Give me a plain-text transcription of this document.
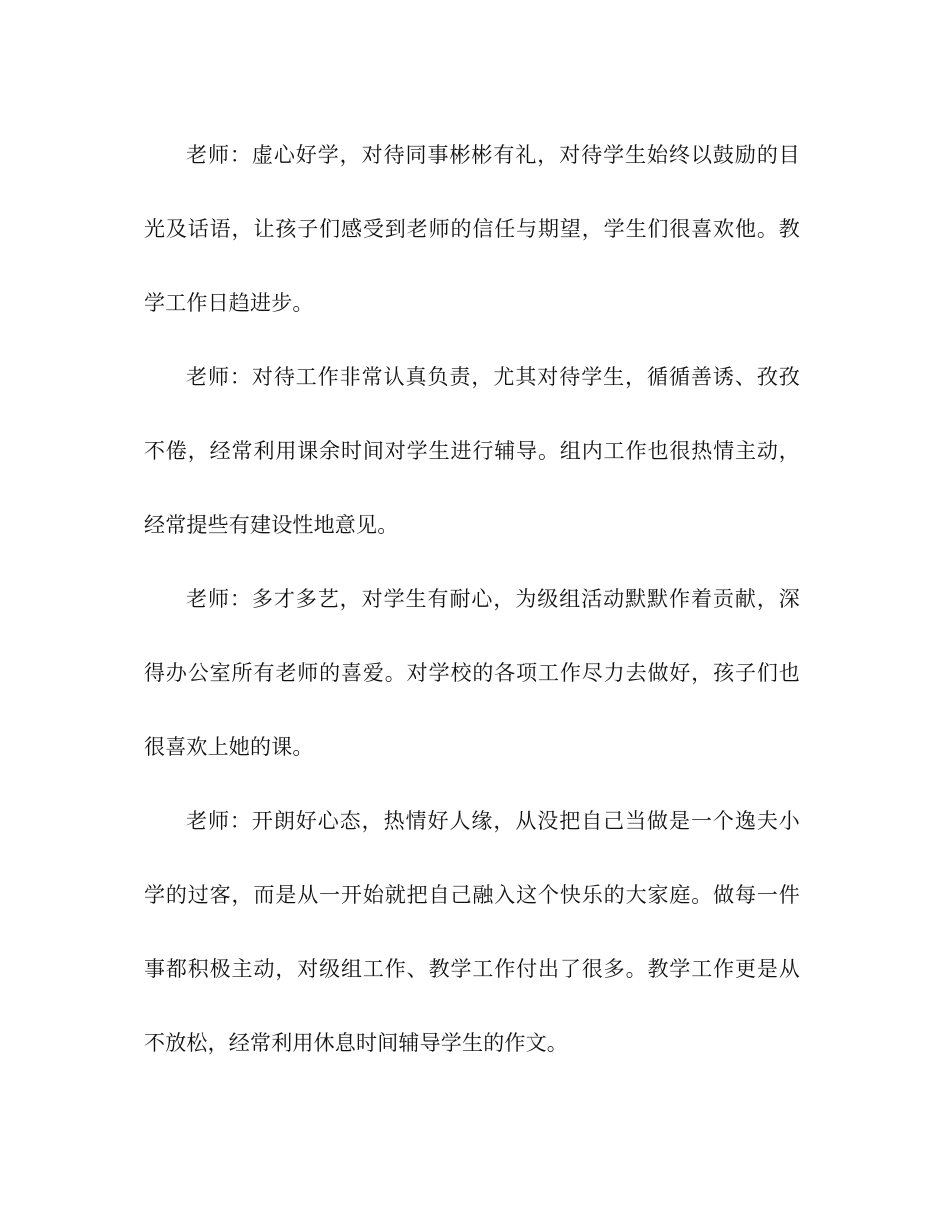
老师：虚心好学，对待同事彬彬有礼，对待学生始终以鼓励的目光及话语，让孩子们感受到老师的信任与期望，学生们很喜欢他。教学工作日趋进步。

老师：对待工作非常认真负责，尤其对待学生，循循善诱、孜孜不倦，经常利用课余时间对学生进行辅导。组内工作也很热情主动，经常提些有建设性地意见。

老师：多才多艺，对学生有耐心，为级组活动默默作着贡献，深得办公室所有老师的喜爱。对学校的各项工作尽力去做好，孩子们也很喜欢上她的课。

老师：开朗好心态，热情好人缘，从没把自己当做是一个逸夫小学的过客，而是从一开始就把自己融入这个快乐的大家庭。做每一件事都积极主动，对级组工作、教学工作付出了很多。教学工作更是从不放松，经常利用休息时间辅导学生的作文。
